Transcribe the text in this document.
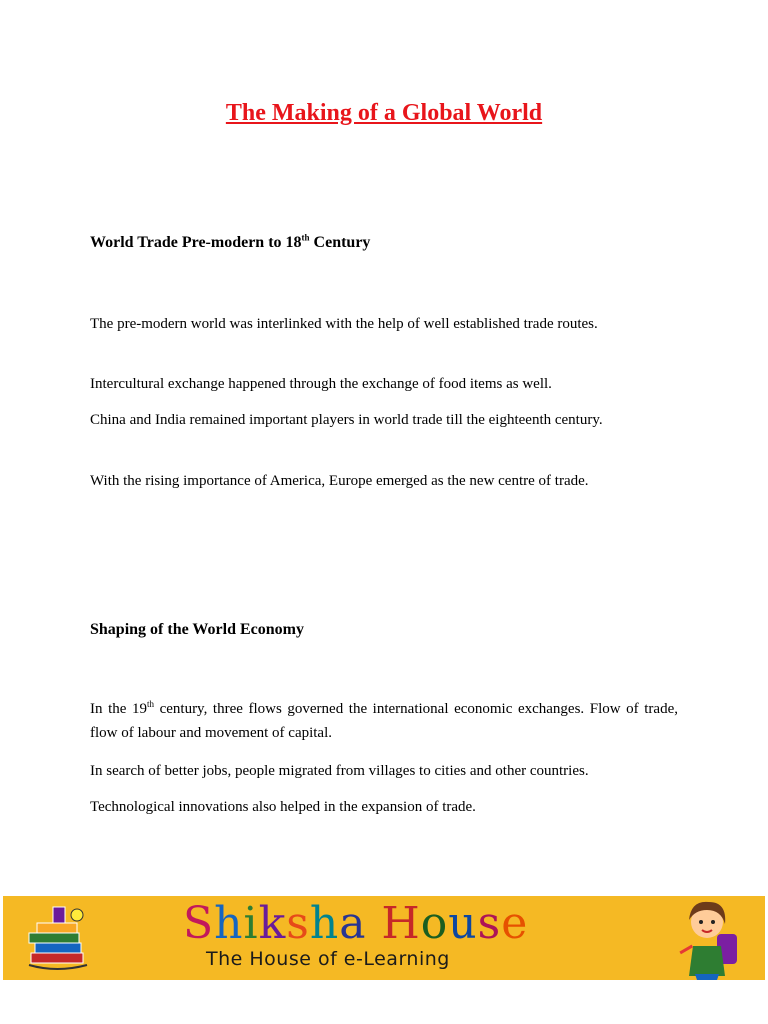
The Making of a Global World
World Trade Pre-modern to 18th Century

The pre-modern world was interlinked with the help of well established trade routes.

Intercultural exchange happened through the exchange of food items as well.

China and India remained important players in world trade till the eighteenth century.

With the rising importance of America, Europe emerged as the new centre of trade.

Shaping of the World Economy

In the 19th century, three flows governed the international economic exchanges. Flow of trade, flow of labour and movement of capital.

In search of better jobs, people migrated from villages to cities and other countries.

Technological innovations also helped in the expansion of trade.

Shiksha House
The House of e-Learning
